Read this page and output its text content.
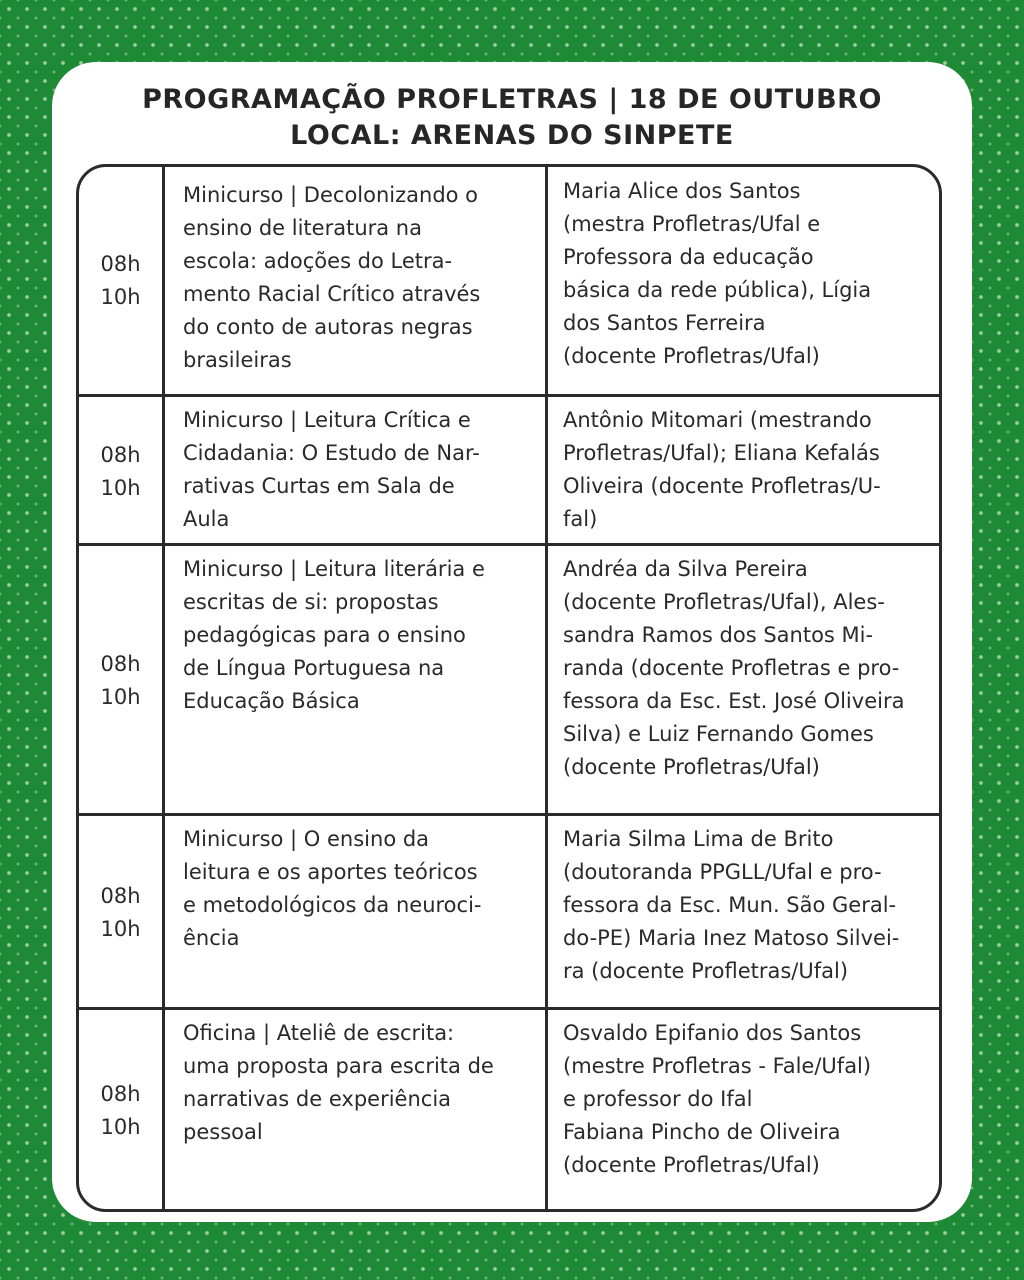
PROGRAMAÇÃO PROFLETRAS | 18 DE OUTUBRO
LOCAL: ARENAS DO SINPETE
08h
10h
Minicurso | Decolonizando o
ensino de literatura na
escola: adoções do Letra-
mento Racial Crítico através
do conto de autoras negras
brasileiras
Maria Alice dos Santos
(mestra Profletras/Ufal e
Professora da educação
básica da rede pública), Lígia
dos Santos Ferreira
(docente Profletras/Ufal)
08h
10h
Minicurso | Leitura Crítica e
Cidadania: O Estudo de Nar-
rativas Curtas em Sala de
Aula
Antônio Mitomari (mestrando
Profletras/Ufal); Eliana Kefalás
Oliveira (docente Profletras/U-
fal)
08h
10h
Minicurso | Leitura literária e
escritas de si: propostas
pedagógicas para o ensino
de Língua Portuguesa na
Educação Básica
Andréa da Silva Pereira
(docente Profletras/Ufal), Ales-
sandra Ramos dos Santos Mi-
randa (docente Profletras e pro-
fessora da Esc. Est. José Oliveira
Silva) e Luiz Fernando Gomes
(docente Profletras/Ufal)
08h
10h
Minicurso | O ensino da
leitura e os aportes teóricos
e metodológicos da neuroci-
ência
Maria Silma Lima de Brito
(doutoranda PPGLL/Ufal e pro-
fessora da Esc. Mun. São Geral-
do-PE) Maria Inez Matoso Silvei-
ra (docente Profletras/Ufal)
08h
10h
Oficina | Ateliê de escrita:
uma proposta para escrita de
narrativas de experiência
pessoal
Osvaldo Epifanio dos Santos
(mestre Profletras - Fale/Ufal)
e professor do Ifal
Fabiana Pincho de Oliveira
(docente Profletras/Ufal)
